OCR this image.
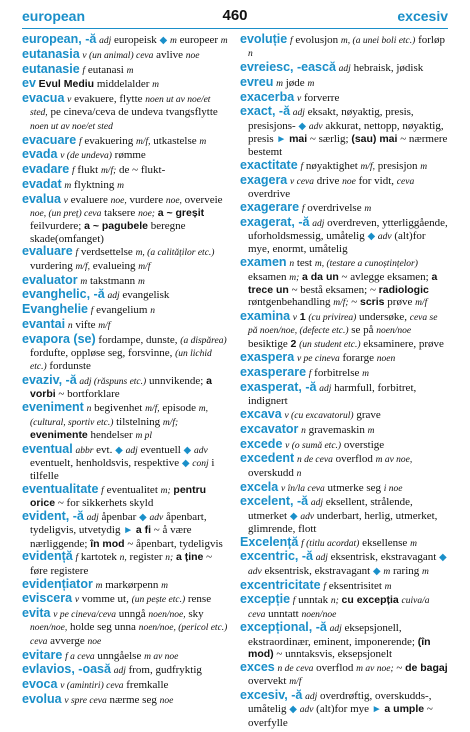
european	460	excesiv
european, -ă adj europeisk ◆ m europeer m
eutanasia v (un animal) ceva avlive noe
eutanasie f eutanasi m
ev Evul Mediu middelalder m
evacua v evakuere, flytte noen ut av noe/et sted, pe cineva/ceva de undeva tvangsflytte noen ut av noe/et sted
evacuare f evakuering m/f, utkastelse m
evada v (de undeva) rømme
evadare f flukt m/f; de ~ flukt-
evadat m flyktning m
evalua v evaluere noe, vurdere noe, overveie noe, (un preț) ceva taksere noe; a ~ greșit feilvurdere; a ~ pagubele beregne skade(omfanget)
evaluare f verdsettelse m, (a calităților etc.) vurdering m/f, evalueing m/f
evaluator m takstmann m
evanghelic, -ă adj evangelisk
Evanghelie f evangelium n
evantai n vifte m/f
evapora (se) fordampe, dunste, (a dispărea) fordufte, oppløse seg, forsvinne, (un lichid etc.) fordunste
evaziv, -ă adj (răspuns etc.) unnvikende; a vorbi ~ bortforklare
eveniment n begivenhet m/f, episode m, (cultural, sportiv etc.) tilstelning m/f; evenimente hendelser m pl
eventual abbr evt. ◆ adj eventuell ◆ adv eventuelt, henholdsvis, respektive ◆ conj i tilfelle
eventualitate f eventualitet m; pentru orice ~ for sikkerhets skyld
evident, -ă adj åpenbar ◆ adv åpenbart, tydeligvis, utvetydig ► a fi ~ å være nærliggende; în mod ~ åpenbart, tydeligvis
evidență f kartotek n, register n; a ține ~ føre registere
evidențiator m markørpenn m
eviscera v vomme ut, (un pește etc.) rense
evita v pe cineva/ceva unngå noen/noe, sky noen/noe, holde seg unna noen/noe, (pericol etc.) ceva avverge noe
evitare f a ceva unngåelse m av noe
evlavios, -oasă adj from, gudfryktig
evoca v (amintiri) ceva fremkalle
evolua v spre ceva nærme seg noe
evoluție f evolusjon m, (a unei boli etc.) forløp n
evreiesc, -ească adj hebraisk, jødisk
evreu m jøde m
exacerba v forverre
exact, -ă adj eksakt, nøyaktig, presis, presisjons- ◆ adv akkurat, nettopp, nøyaktig, presis ► mai ~ særlig; (sau) mai ~ nærmere bestemt
exactitate f nøyaktighet m/f, presisjon m
exagera v ceva drive noe for vidt, ceva overdrive
exagerare f overdrivelse m
exagerat, -ă adj overdreven, ytterliggående, uforholdsmessig, umåtelig ◆ adv (alt)for mye, enormt, umåtelig
examen n test m, (testare a cunoștințelor) eksamen m; a da un ~ avlegge eksamen; a trece un ~ bestå eksamen; ~ radiologic røntgenbehandling m/f; ~ scris prøve m/f
examina v 1 (cu privirea) undersøke, ceva se pă noen/noe, (defecte etc.) se på noen/noe besiktige 2 (un student etc.) eksaminere, prøve
exaspera v pe cineva forarge noen
exasperare f forbitrelse m
exasperat, -ă adj harmfull, forbitret, indignert
excava v (cu excavatorul) grave
excavator n gravemaskin m
excede v (o sumă etc.) overstige
excedent n de ceva overflod m av noe, overskudd n
excela v în/la ceva utmerke seg i noe
excelent, -ă adj eksellent, strålende, utmerket ◆ adv underbart, herlig, utmerket, glimrende, flott
Excelență f (titlu acordat) eksellense m
excentric, -ă adj eksentrisk, ekstravagant ◆ adv eksentrisk, ekstravagant ◆ m raring m
excentricitate f eksentrisitet m
excepție f unntak n; cu excepția cuiva/a ceva unntatt noen/noe
excepțional, -ă adj eksepsjonell, ekstraordinær, eminent, imponerende; (în mod) ~ unntaksvis, eksepsjonelt
exces n de ceva overflod m av noe; ~ de bagaj overvekt m/f
excesiv, -ă adj overdrøftig, overskudds-, umåtelig ◆ adv (alt)for mye ► a umple ~ overfylle
